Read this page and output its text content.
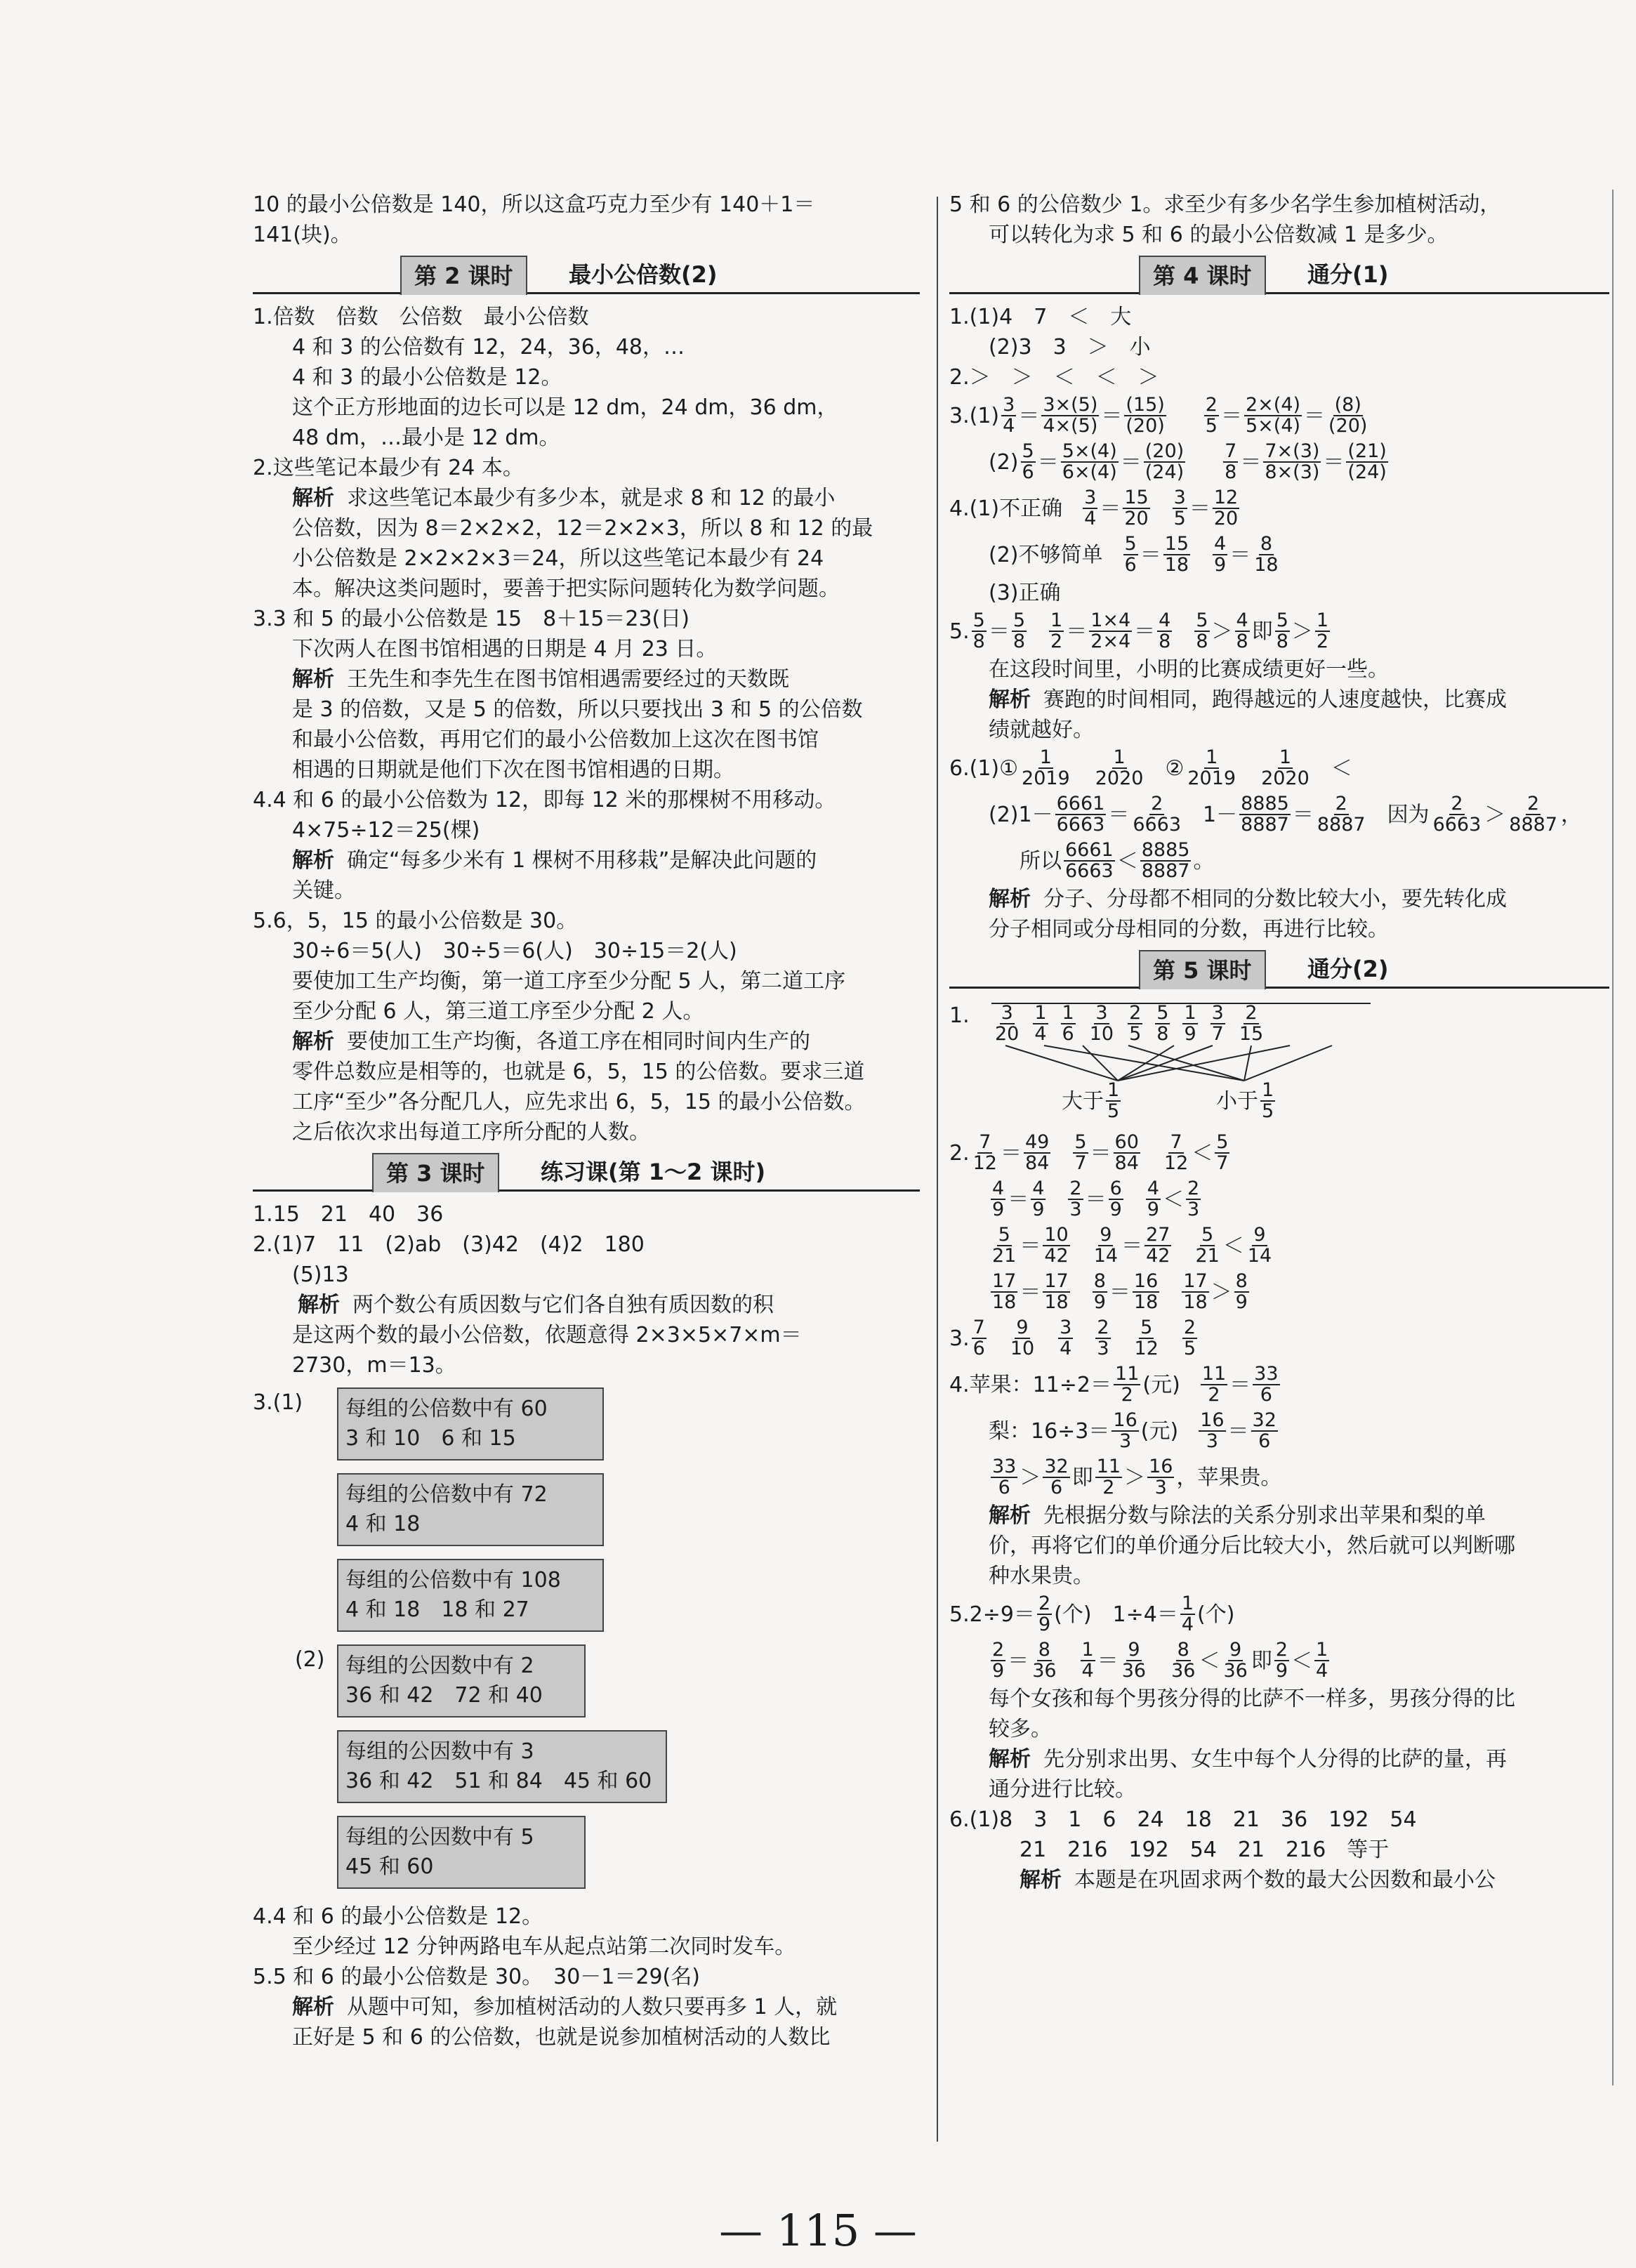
10 的最小公倍数是 140，所以这盒巧克力至少有 140＋1＝
141(块)。
第 2 课时	最小公倍数(2)
1.倍数　倍数　公倍数　最小公倍数
4 和 3 的公倍数有 12，24，36，48，…
4 和 3 的最小公倍数是 12。
这个正方形地面的边长可以是 12 dm，24 dm，36 dm，
48 dm，…最小是 12 dm。
2.这些笔记本最少有 24 本。
解析 求这些笔记本最少有多少本，就是求 8 和 12 的最小
公倍数，因为 8＝2×2×2，12＝2×2×3，所以 8 和 12 的最
小公倍数是 2×2×2×3＝24，所以这些笔记本最少有 24
本。解决这类问题时，要善于把实际问题转化为数学问题。
3.3 和 5 的最小公倍数是 15　8＋15＝23(日)
下次两人在图书馆相遇的日期是 4 月 23 日。
解析 王先生和李先生在图书馆相遇需要经过的天数既
是 3 的倍数，又是 5 的倍数，所以只要找出 3 和 5 的公倍数
和最小公倍数，再用它们的最小公倍数加上这次在图书馆
相遇的日期就是他们下次在图书馆相遇的日期。
4.4 和 6 的最小公倍数为 12，即每 12 米的那棵树不用移动。
4×75÷12＝25(棵)
解析 确定“每多少米有 1 棵树不用移栽”是解决此问题的
关键。
5.6，5，15 的最小公倍数是 30。
30÷6＝5(人)　30÷5＝6(人)　30÷15＝2(人)
要使加工生产均衡，第一道工序至少分配 5 人，第二道工序
至少分配 6 人，第三道工序至少分配 2 人。
解析 要使加工生产均衡，各道工序在相同时间内生产的
零件总数应是相等的，也就是 6，5，15 的公倍数。要求三道
工序“至少”各分配几人，应先求出 6，5，15 的最小公倍数。
之后依次求出每道工序所分配的人数。
第 3 课时	练习课(第 1～2 课时)
1.15　21　40　36
2.(1)7　11　(2)ab　(3)42　(4)2　180
(5)13
解析 两个数公有质因数与它们各自独有质因数的积
是这两个数的最小公倍数，依题意得 2×3×5×7×m＝
2730，m＝13。
3.(1) 每组的公倍数中有 60
3 和 10　6 和 15
每组的公倍数中有 72
4 和 18
每组的公倍数中有 108
4 和 18　18 和 27
(2) 每组的公因数中有 2
36 和 42　72 和 40
每组的公因数中有 3
36 和 42　51 和 84　45 和 60
每组的公因数中有 5
45 和 60
4.4 和 6 的最小公倍数是 12。
至少经过 12 分钟两路电车从起点站第二次同时发车。
5.5 和 6 的最小公倍数是 30。　30－1＝29(名)
解析 从题中可知，参加植树活动的人数只要再多 1 人，就
正好是 5 和 6 的公倍数，也就是说参加植树活动的人数比
5 和 6 的公倍数少 1。求至少有多少名学生参加植树活动，
可以转化为求 5 和 6 的最小公倍数减 1 是多少。
第 4 课时	通分(1)
1.(1)4　7　＜　大
(2)3　3　＞　小
2.＞　＞　＜　＜　＞
$3.(1) \frac{3}{4} = \frac{3\times(5)}{4\times(5)} = \frac{(15)}{(20)} \frac{2}{5} = \frac{2\times(4)}{5\times(4)} = \frac{(8)}{(20)}$
$(2) \frac{5}{6} = \frac{5\times(4)}{6\times(4)} = \frac{(20)}{(24)} \frac{7}{8} = \frac{7\times(3)}{8\times(3)} = \frac{(21)}{(24)}$
4.(1)不正确 $\frac{3}{4} = \frac{15}{20} \frac{3}{5} = \frac{12}{20}$
(2)不够简单 $\frac{5}{6} = \frac{15}{18} \frac{4}{9} = \frac{8}{18}$
(3)正确
5. $\frac{5}{8} = \frac{5}{8} \frac{1}{2} = \frac{1\times 4}{2\times 4} = \frac{4}{8} \frac{5}{8} > \frac{4}{8}$ 即 $\frac{5}{8} > \frac{1}{2}$
在这段时间里，小明的比赛成绩更好一些。
解析 赛跑的时间相同，跑得越远的人速度越快，比赛成
绩就越好。
6.(1)① $\frac{1}{2019} \frac{1}{2020}$ ② $\frac{1}{2019} \frac{1}{2020}$ ＜
$(2)1- \frac{6661}{6663} = \frac{2}{6663} 1- \frac{8885}{8887} = \frac{2}{8887}$ 因为 $\frac{2}{6663} > \frac{2}{8887}$ ，
所以 $\frac{6661}{6663} < \frac{8885}{8887}$ 。
解析 分子、分母都不相同的分数比较大小，要先转化成
分子相同或分母相同的分数，再进行比较。
第 5 课时	通分(2)
1. $\frac{3}{20} \frac{1}{4} \frac{1}{6} \frac{3}{10} \frac{2}{5} \frac{5}{8} \frac{1}{9} \frac{3}{7} \frac{2}{15}$
大于 $\frac{1}{5}$	小于 $\frac{1}{5}$
2. $\frac{7}{12} = \frac{49}{84} \frac{5}{7} = \frac{60}{84} \frac{7}{12} < \frac{5}{7}$
$\frac{4}{9} = \frac{4}{9} \frac{2}{3} = \frac{6}{9} \frac{4}{9} < \frac{2}{3}$
$\frac{5}{21} = \frac{10}{42} \frac{9}{14} = \frac{27}{42} \frac{5}{21} < \frac{9}{14}$
$\frac{17}{18} = \frac{17}{18} \frac{8}{9} = \frac{16}{18} \frac{17}{18} > \frac{8}{9}$
3. $\frac{7}{6} \frac{9}{10} \frac{3}{4} \frac{2}{3} \frac{5}{12} \frac{2}{5}$
4.苹果：$11\div 2= \frac{11}{2}$ (元) $\frac{11}{2} = \frac{33}{6}$
梨：$16\div 3= \frac{16}{3}$ (元) $\frac{16}{3} = \frac{32}{6}$
$\frac{33}{6} > \frac{32}{6}$ 即 $\frac{11}{2} > \frac{16}{3}$ ，苹果贵。
解析 先根据分数与除法的关系分别求出苹果和梨的单
价，再将它们的单价通分后比较大小，然后就可以判断哪
种水果贵。
$5.2\div 9= \frac{2}{9}$ (个)　$1\div 4= \frac{1}{4}$ (个)
$\frac{2}{9} = \frac{8}{36} \frac{1}{4} = \frac{9}{36} \frac{8}{36} < \frac{9}{36}$ 即 $\frac{2}{9} < \frac{1}{4}$
每个女孩和每个男孩分得的比萨不一样多，男孩分得的比
较多。
解析 先分别求出男、女生中每个人分得的比萨的量，再
通分进行比较。
6.(1)8　3　1　6　24　18　21　36　192　54
21　216　192　54　21　216　等于
解析 本题是在巩固求两个数的最大公因数和最小公
— 115 —
